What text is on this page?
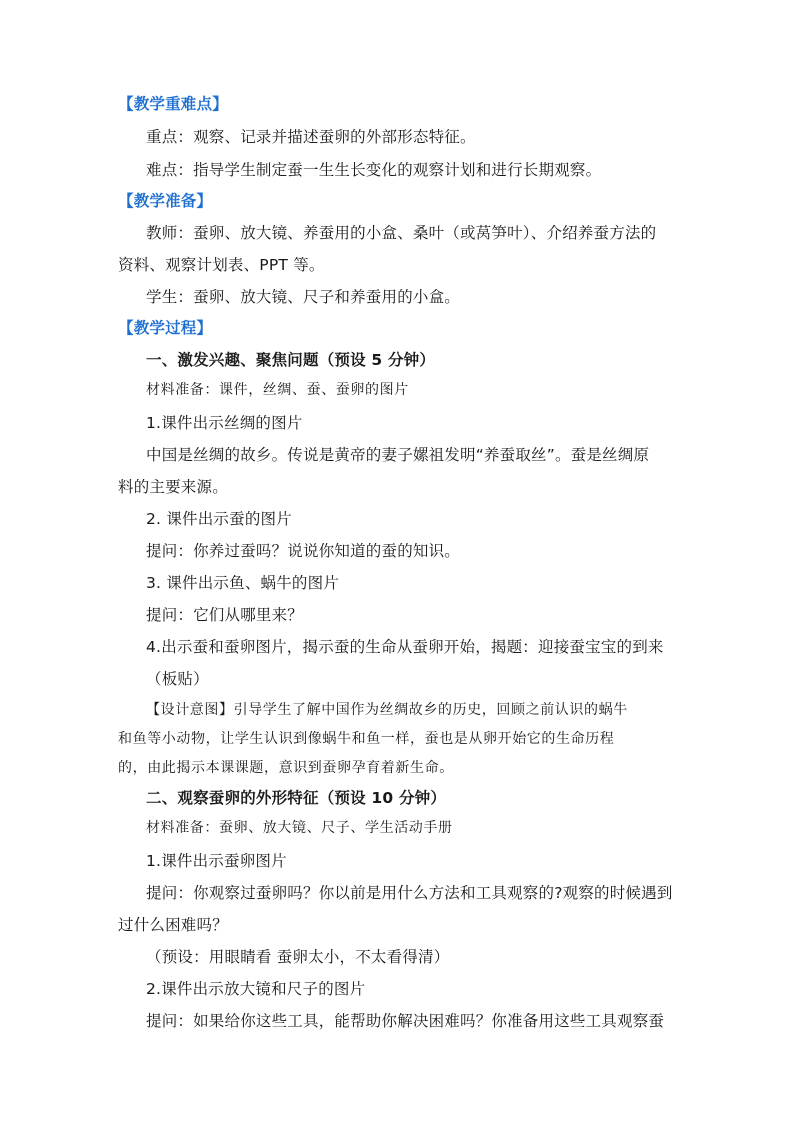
【教学重难点】
重点：观察、记录并描述蚕卵的外部形态特征。
难点：指导学生制定蚕一生生长变化的观察计划和进行长期观察。
【教学准备】
教师：蚕卵、放大镜、养蚕用的小盒、桑叶（或莴笋叶）、介绍养蚕方法的
资料、观察计划表、PPT 等。
学生：蚕卵、放大镜、尺子和养蚕用的小盒。
【教学过程】
一、激发兴趣、聚焦问题（预设 5 分钟）
材料准备：课件，丝绸、蚕、蚕卵的图片
1.课件出示丝绸的图片
中国是丝绸的故乡。传说是黄帝的妻子嫘祖发明“养蚕取丝”。蚕是丝绸原
料的主要来源。
2. 课件出示蚕的图片
提问：你养过蚕吗？说说你知道的蚕的知识。
3. 课件出示鱼、蜗牛的图片
提问：它们从哪里来？
4.出示蚕和蚕卵图片，揭示蚕的生命从蚕卵开始，揭题：迎接蚕宝宝的到来
（板贴）
【设计意图】引导学生了解中国作为丝绸故乡的历史，回顾之前认识的蜗牛
和鱼等小动物，让学生认识到像蜗牛和鱼一样，蚕也是从卵开始它的生命历程
的，由此揭示本课课题，意识到蚕卵孕育着新生命。
二、观察蚕卵的外形特征（预设 10 分钟）
材料准备：蚕卵、放大镜、尺子、学生活动手册
1.课件出示蚕卵图片
提问：你观察过蚕卵吗？你以前是用什么方法和工具观察的?观察的时候遇到
过什么困难吗？
（预设：用眼睛看 蚕卵太小，不太看得清）
2.课件出示放大镜和尺子的图片
提问：如果给你这些工具，能帮助你解决困难吗？你准备用这些工具观察蚕
